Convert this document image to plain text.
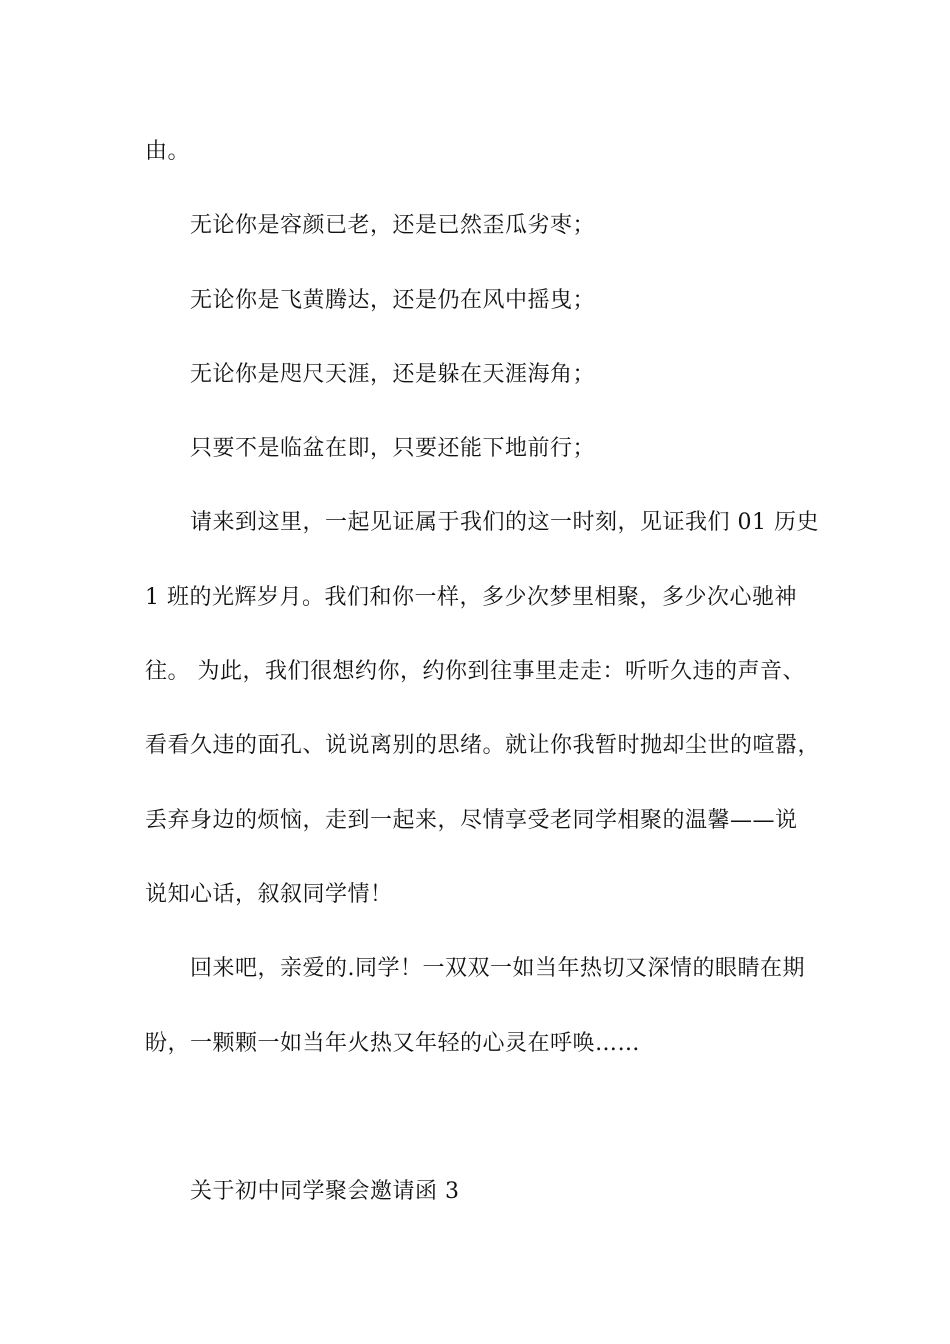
由。
无论你是容颜已老，还是已然歪瓜劣枣；
无论你是飞黄腾达，还是仍在风中摇曳；
无论你是咫尺天涯，还是躲在天涯海角；
只要不是临盆在即，只要还能下地前行；
请来到这里，一起见证属于我们的这一时刻，见证我们 01 历史
1 班的光辉岁月。我们和你一样，多少次梦里相聚，多少次心驰神
往。 为此，我们很想约你，约你到往事里走走：听听久违的声音、
看看久违的面孔、说说离别的思绪。就让你我暂时抛却尘世的喧嚣，
丢弃身边的烦恼，走到一起来，尽情享受老同学相聚的温馨——说
说知心话，叙叙同学情！
回来吧，亲爱的.同学！一双双一如当年热切又深情的眼睛在期
盼，一颗颗一如当年火热又年轻的心灵在呼唤……
关于初中同学聚会邀请函 3
